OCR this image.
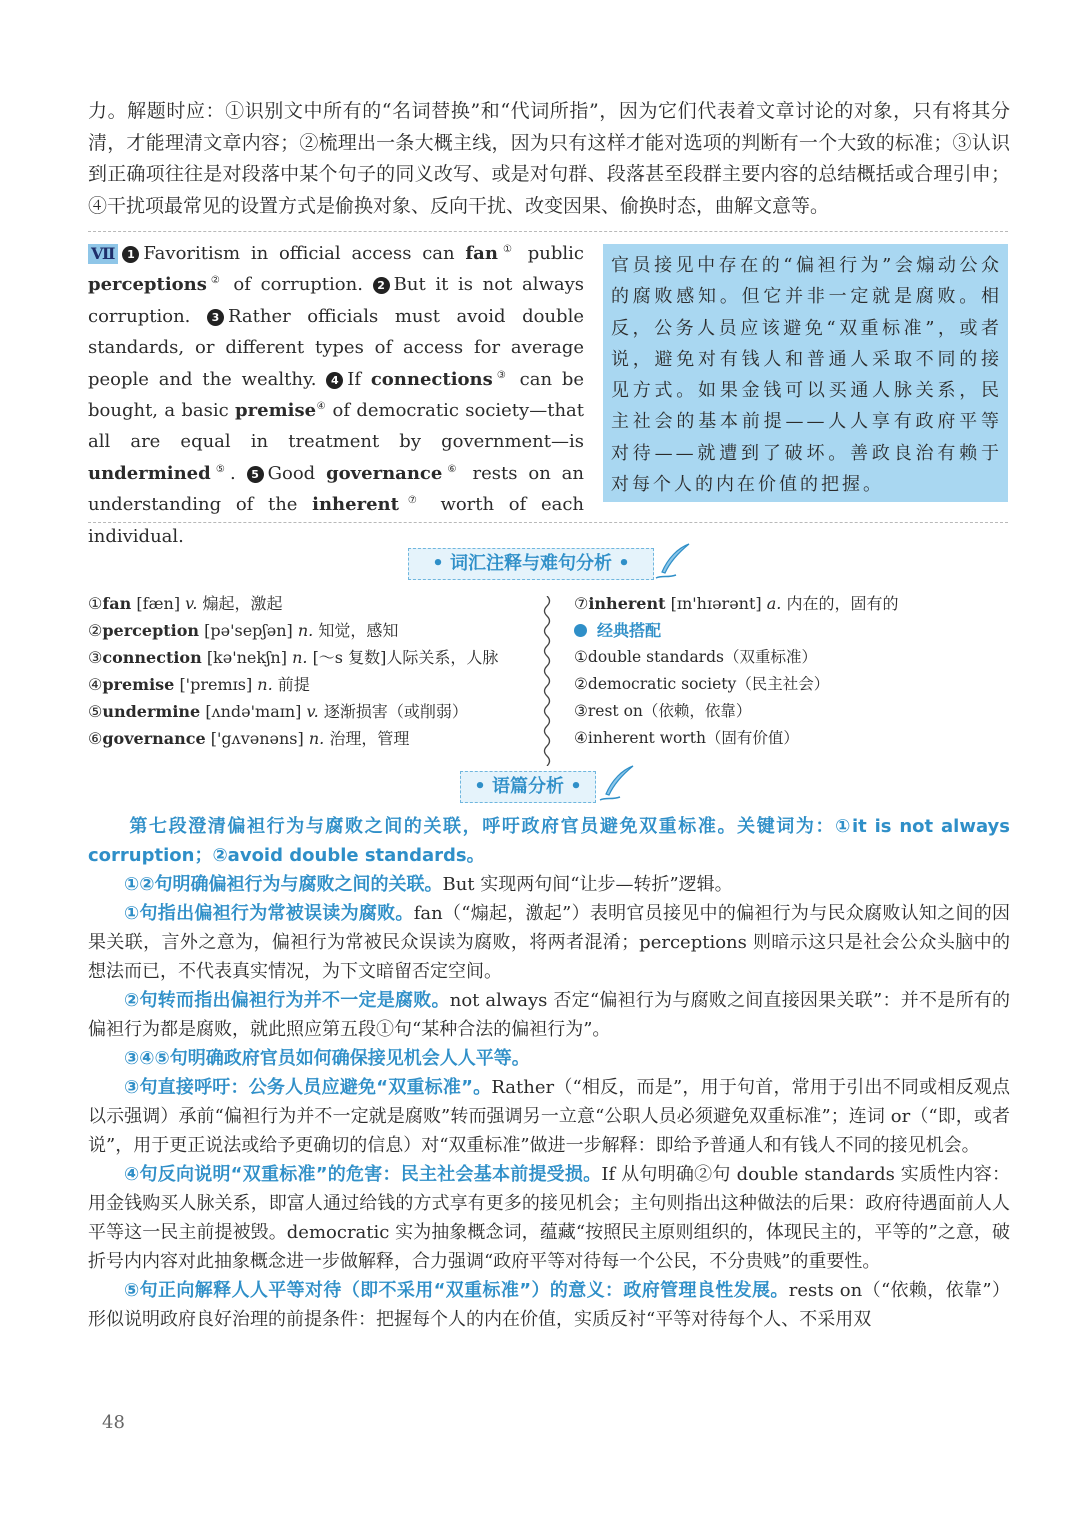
力。解题时应：①识别文中所有的“名词替换”和“代词所指”，因为它们代表着文章讨论的对象，只有将其分清，才能理清文章内容；②梳理出一条大概主线，因为只有这样才能对选项的判断有一个大致的标准；③认识到正确项往往是对段落中某个句子的同义改写、或是对句群、段落甚至段群主要内容的总结概括或合理引申；④干扰项最常见的设置方式是偷换对象、反向干扰、改变因果、偷换时态，曲解文意等。

Ⅶ 1 Favoritism in official access can fan① public perceptions② of corruption. 2 But it is not always corruption. 3 Rather officials must avoid double standards, or different types of access for average people and the wealthy. 4 If connections③ can be bought, a basic premise④ of democratic society—that all are equal in treatment by government—is undermined⑤. 5 Good governance⑥ rests on an understanding of the inherent⑦ worth of each individual.

官员接见中存在的“偏袒行为”会煽动公众的腐败感知。但它并非一定就是腐败。相反，公务人员应该避免“双重标准”，或者说，避免对有钱人和普通人采取不同的接见方式。如果金钱可以买通人脉关系，民主社会的基本前提——人人享有政府平等对待——就遭到了破坏。善政良治有赖于对每个人的内在价值的把握。
• 词汇注释与难句分析 •
①fan [fæn] v. 煽起，激起
②perception [pə'sepʃən] n. 知觉，感知
③connection [kə'nekʃn] n. [～s 复数]人际关系，人脉
④premise ['premɪs] n. 前提
⑤undermine [ʌndə'maɪn] v. 逐渐损害（或削弱）
⑥governance ['gʌvənəns] n. 治理，管理
⑦inherent [ɪn'hɪərənt] a. 内在的，固有的
经典搭配
①double standards（双重标准）
②democratic society（民主社会）
③rest on（依赖，依靠）
④inherent worth（固有价值）
• 语篇分析 •

第七段澄清偏袒行为与腐败之间的关联，呼吁政府官员避免双重标准。关键词为：①it is not always corruption；②avoid double standards。

①②句明确偏袒行为与腐败之间的关联。But 实现两句间“让步—转折”逻辑。

①句指出偏袒行为常被误读为腐败。fan（“煽起，激起”）表明官员接见中的偏袒行为与民众腐败认知之间的因果关联，言外之意为，偏袒行为常被民众误读为腐败，将两者混淆；perceptions 则暗示这只是社会公众头脑中的想法而已，不代表真实情况，为下文暗留否定空间。

②句转而指出偏袒行为并不一定是腐败。not always 否定“偏袒行为与腐败之间直接因果关联”：并不是所有的偏袒行为都是腐败，就此照应第五段①句“某种合法的偏袒行为”。

③④⑤句明确政府官员如何确保接见机会人人平等。

③句直接呼吁：公务人员应避免“双重标准”。Rather（“相反，而是”，用于句首，常用于引出不同或相反观点以示强调）承前“偏袒行为并不一定就是腐败”转而强调另一立意“公职人员必须避免双重标准”；连词 or（“即，或者说”，用于更正说法或给予更确切的信息）对“双重标准”做进一步解释：即给予普通人和有钱人不同的接见机会。

④句反向说明“双重标准”的危害：民主社会基本前提受损。If 从句明确②句 double standards 实质性内容：用金钱购买人脉关系，即富人通过给钱的方式享有更多的接见机会；主句则指出这种做法的后果：政府待遇面前人人平等这一民主前提被毁。democratic 实为抽象概念词，蕴藏“按照民主原则组织的，体现民主的，平等的”之意，破折号内内容对此抽象概念进一步做解释，合力强调“政府平等对待每一个公民，不分贵贱”的重要性。

⑤句正向解释人人平等对待（即不采用“双重标准”）的意义：政府管理良性发展。rests on（“依赖，依靠”）形似说明政府良好治理的前提条件：把握每个人的内在价值，实质反衬“平等对待每个人、不采用双

48
